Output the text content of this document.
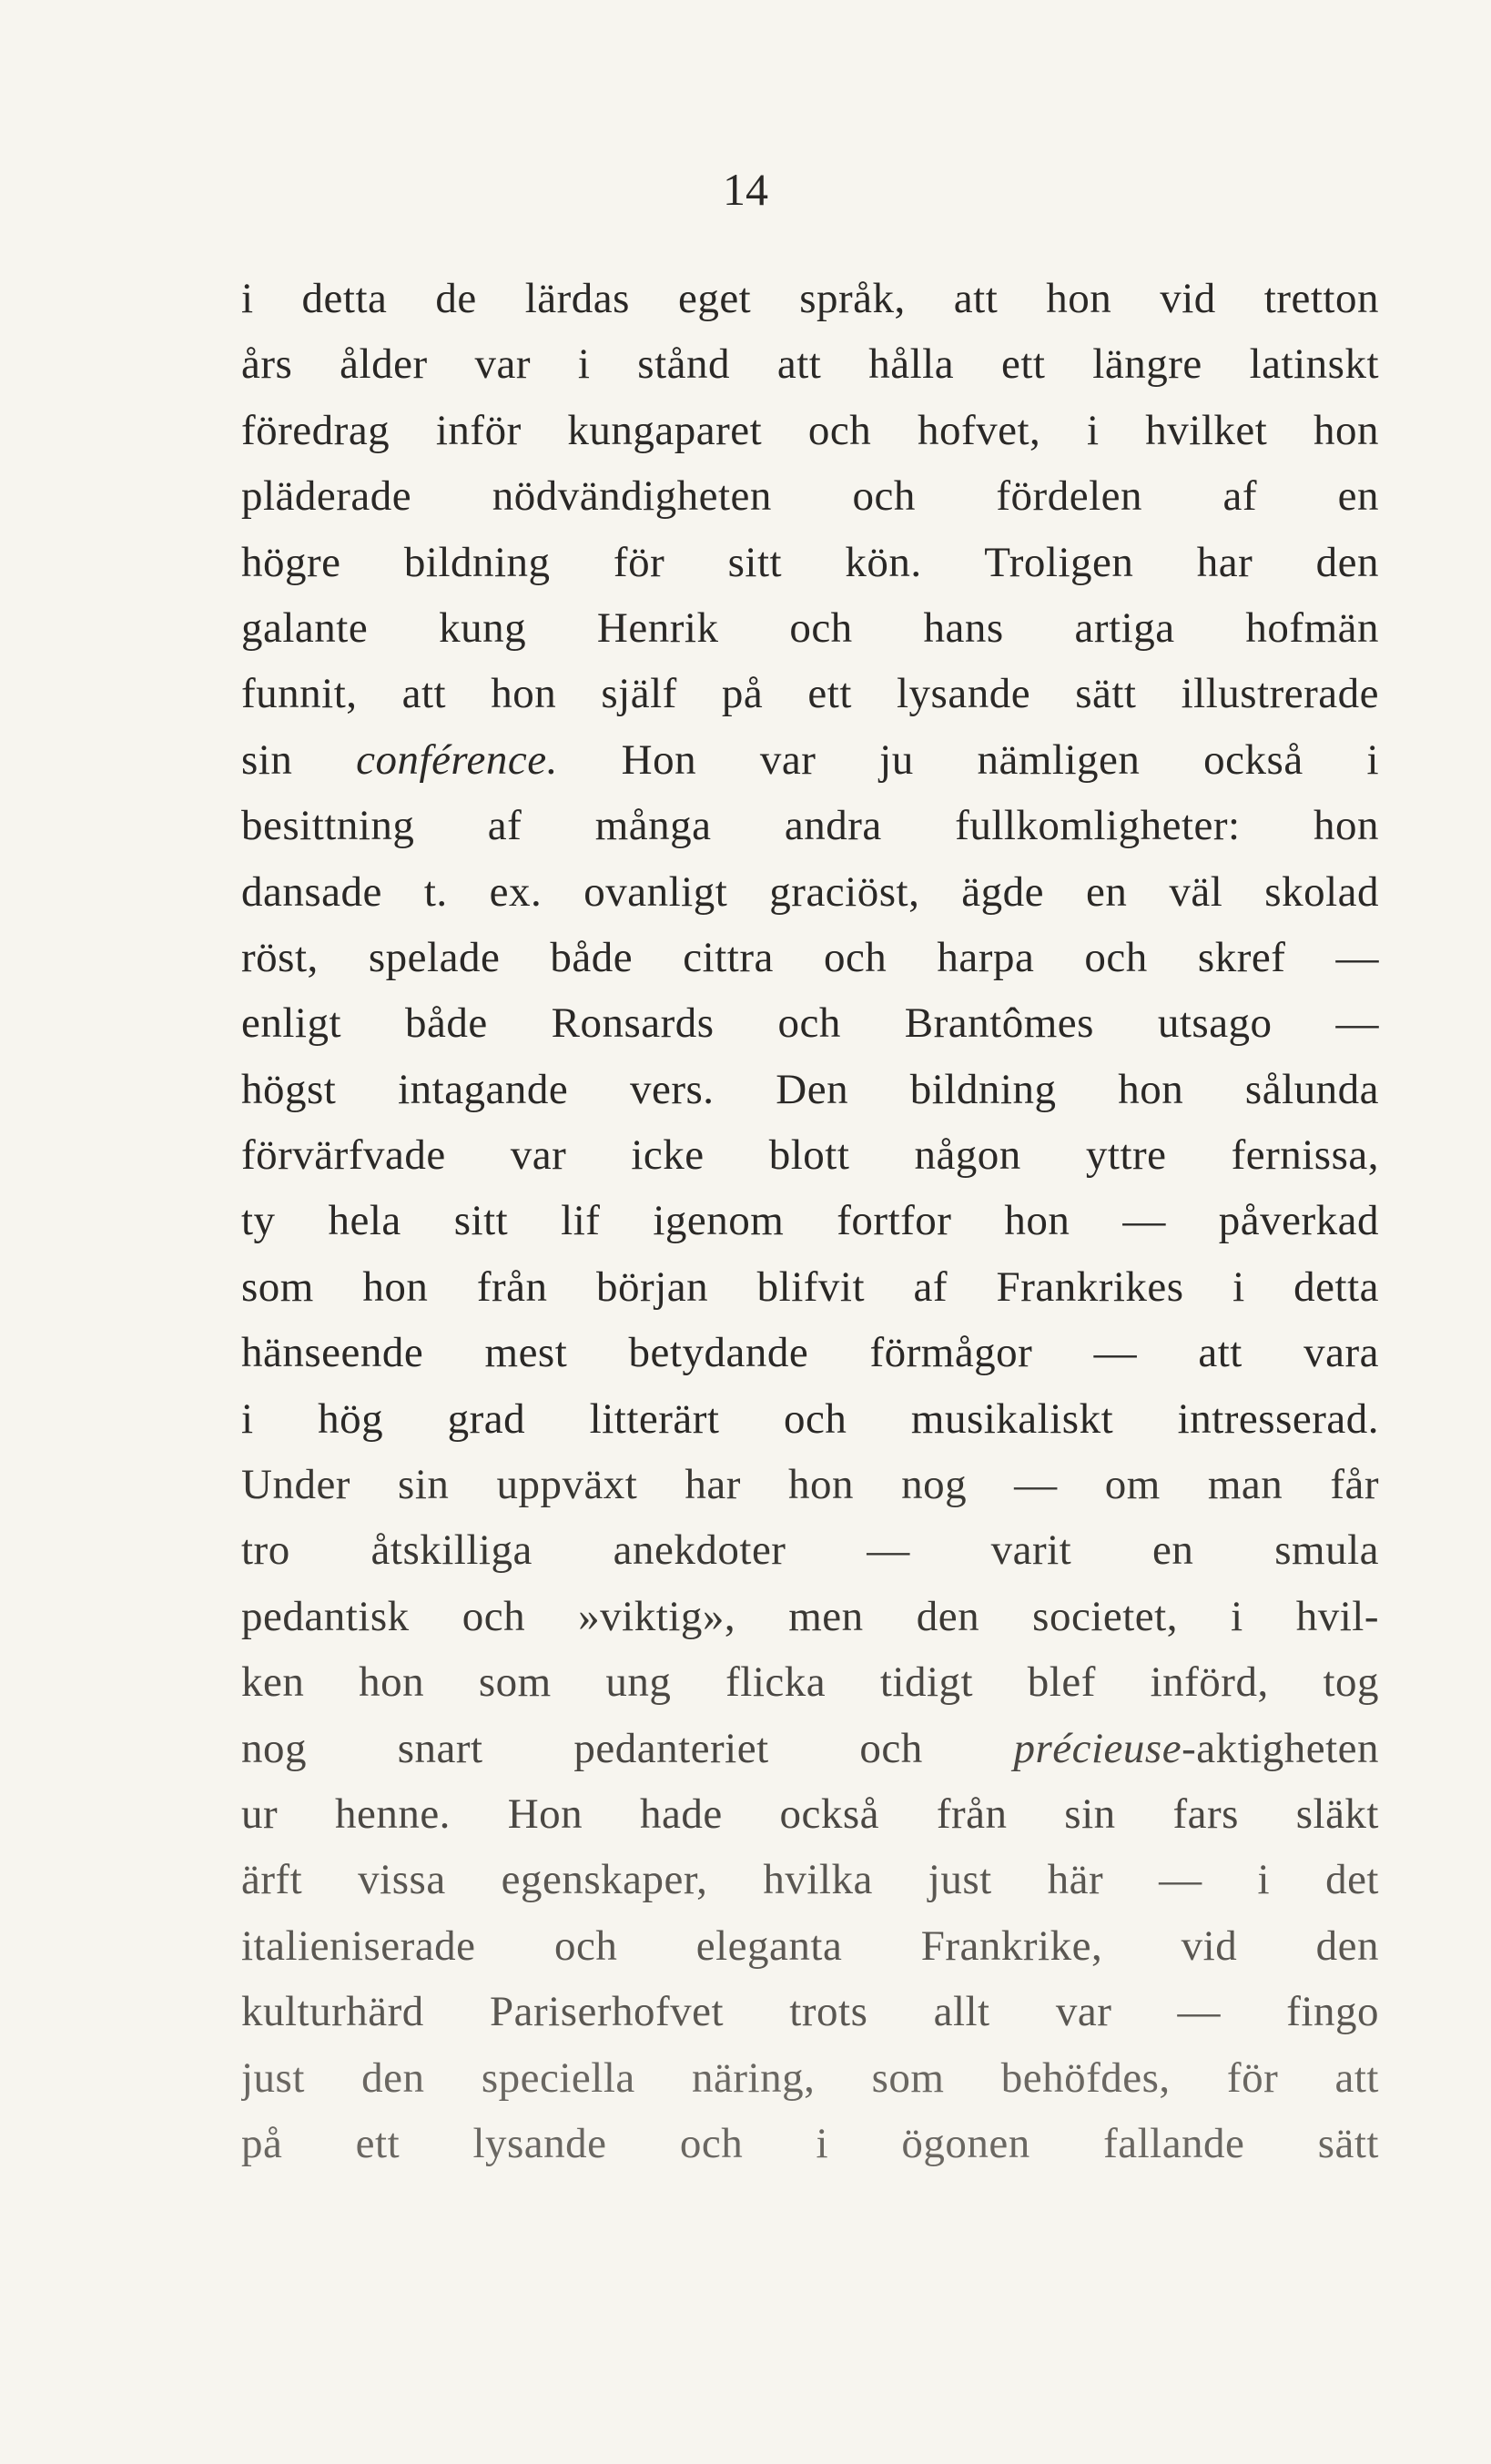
14
i detta de lärdas eget språk, att hon vid tretton
års ålder var i stånd att hålla ett längre latinskt
föredrag inför kungaparet och hofvet, i hvilket hon
pläderade nödvändigheten och fördelen af en
högre bildning för sitt kön. Troligen har den
galante kung Henrik och hans artiga hofmän
funnit, att hon själf på ett lysande sätt illustrerade
sin conférence. Hon var ju nämligen också i
besittning af många andra fullkomligheter: hon
dansade t. ex. ovanligt graciöst, ägde en väl skolad
röst, spelade både cittra och harpa och skref —
enligt både Ronsards och Brantômes utsago —
högst intagande vers. Den bildning hon sålunda
förvärfvade var icke blott någon yttre fernissa,
ty hela sitt lif igenom fortfor hon — påverkad
som hon från början blifvit af Frankrikes i detta
hänseende mest betydande förmågor — att vara
i hög grad litterärt och musikaliskt intresserad.
Under sin uppväxt har hon nog — om man får
tro åtskilliga anekdoter — varit en smula
pedantisk och »viktig», men den societet, i hvil-
ken hon som ung flicka tidigt blef införd, tog
nog snart pedanteriet och précieuse-aktigheten
ur henne. Hon hade också från sin fars släkt
ärft vissa egenskaper, hvilka just här — i det
italieniserade och eleganta Frankrike, vid den
kulturhärd Pariserhofvet trots allt var — fingo
just den speciella näring, som behöfdes, för att
på ett lysande och i ögonen fallande sätt
